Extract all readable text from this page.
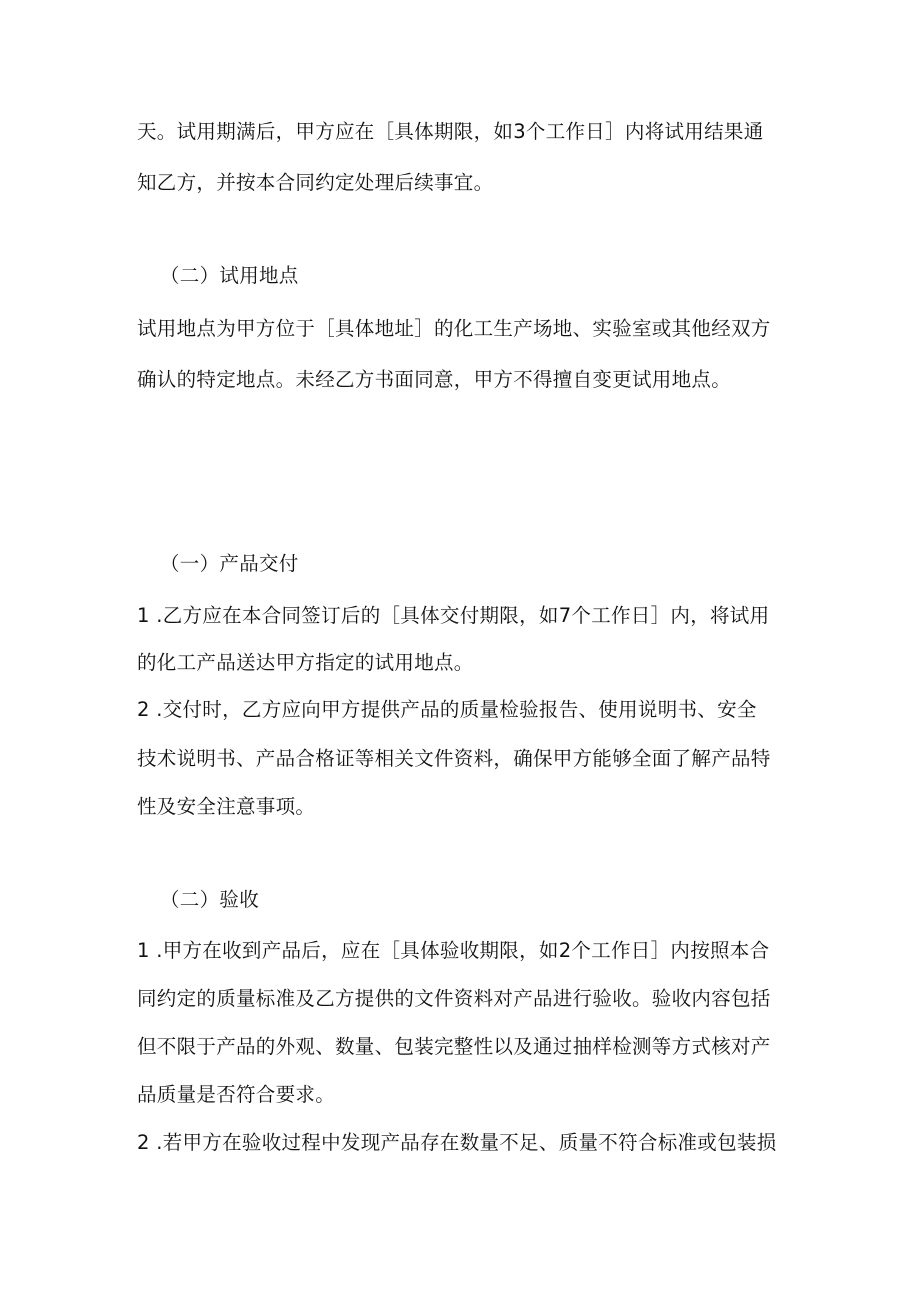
天。试用期满后，甲方应在［具体期限，如3个工作日］内将试用结果通
知乙方，并按本合同约定处理后续事宜。
（二）试用地点
试用地点为甲方位于［具体地址］的化工生产场地、实验室或其他经双方
确认的特定地点。未经乙方书面同意，甲方不得擅自变更试用地点。
（一）产品交付
1 .乙方应在本合同签订后的［具体交付期限，如7个工作日］内，将试用
的化工产品送达甲方指定的试用地点。
2 .交付时，乙方应向甲方提供产品的质量检验报告、使用说明书、安全
技术说明书、产品合格证等相关文件资料，确保甲方能够全面了解产品特
性及安全注意事项。
（二）验收
1 .甲方在收到产品后，应在［具体验收期限，如2个工作日］内按照本合
同约定的质量标准及乙方提供的文件资料对产品进行验收。验收内容包括
但不限于产品的外观、数量、包装完整性以及通过抽样检测等方式核对产
品质量是否符合要求。
2 .若甲方在验收过程中发现产品存在数量不足、质量不符合标准或包装损
